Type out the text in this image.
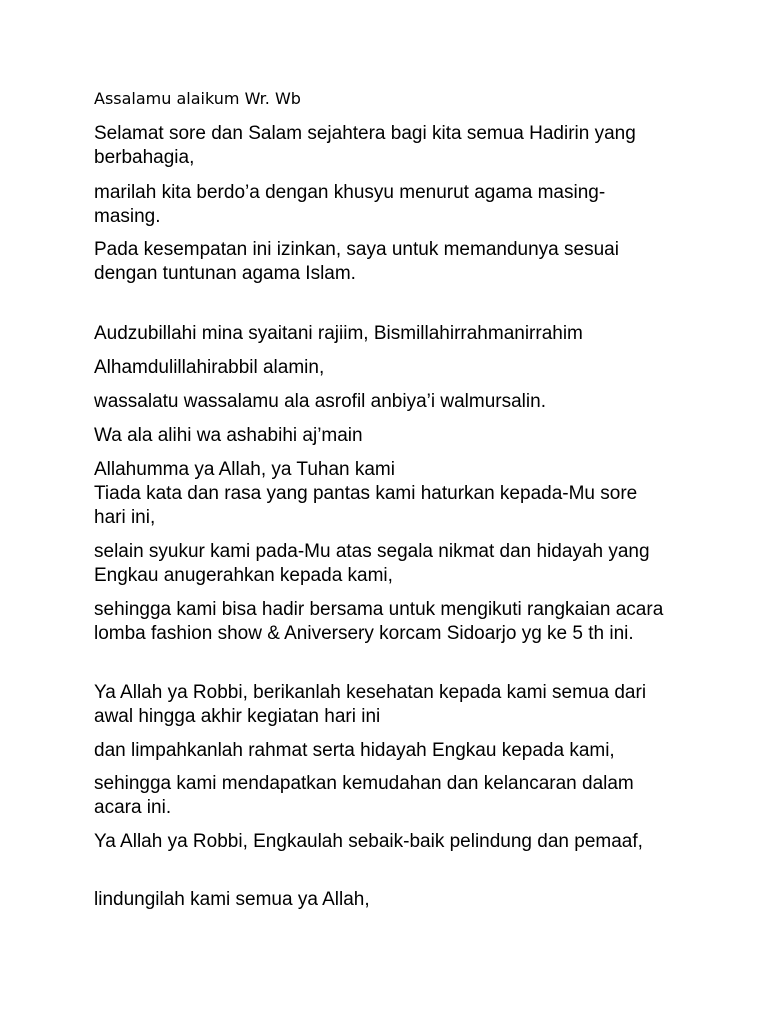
Assalamu alaikum Wr. Wb

Selamat sore dan Salam sejahtera bagi kita semua Hadirin yang berbahagia,

marilah kita berdo’a dengan khusyu menurut agama masing-masing.

Pada kesempatan ini izinkan, saya untuk memandunya sesuai dengan tuntunan agama Islam.

Audzubillahi mina syaitani rajiim, Bismillahirrahmanirrahim

Alhamdulillahirabbil alamin,

wassalatu wassalamu ala asrofil anbiya’i walmursalin.

Wa ala alihi wa ashabihi aj’main

Allahumma ya Allah, ya Tuhan kami

Tiada kata dan rasa yang pantas kami haturkan kepada-Mu sore hari ini,

selain syukur kami pada-Mu atas segala nikmat dan hidayah yang Engkau anugerahkan kepada kami,

sehingga kami bisa hadir bersama untuk mengikuti rangkaian acara lomba fashion show & Aniversery korcam Sidoarjo yg ke 5 th ini.

Ya Allah ya Robbi, berikanlah kesehatan kepada kami semua dari awal hingga akhir kegiatan hari ini

dan limpahkanlah rahmat serta hidayah Engkau kepada kami,

sehingga kami mendapatkan kemudahan dan kelancaran dalam acara ini.

Ya Allah ya Robbi, Engkaulah sebaik-baik pelindung dan pemaaf,

lindungilah kami semua ya Allah,
